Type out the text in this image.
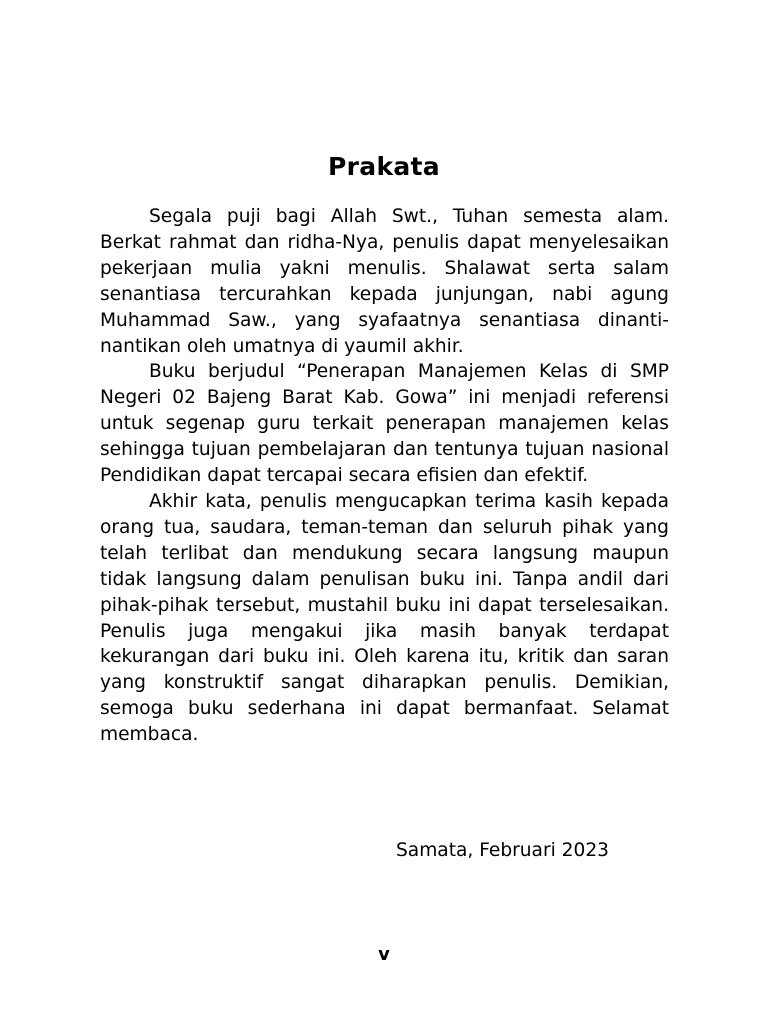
Prakata

Segala puji bagi Allah Swt., Tuhan semesta alam. Berkat rahmat dan ridha-Nya, penulis dapat menyelesaikan pekerjaan mulia yakni menulis. Shalawat serta salam senantiasa tercurahkan kepada junjungan, nabi agung Muhammad Saw., yang syafaatnya senantiasa dinanti-nantikan oleh umatnya di yaumil akhir.

Buku berjudul “Penerapan Manajemen Kelas di SMP Negeri 02 Bajeng Barat Kab. Gowa” ini menjadi referensi untuk segenap guru terkait penerapan manajemen kelas sehingga tujuan pembelajaran dan tentunya tujuan nasional Pendidikan dapat tercapai secara efisien dan efektif.

Akhir kata, penulis mengucapkan terima kasih kepada orang tua, saudara, teman-teman dan seluruh pihak yang telah terlibat dan mendukung secara langsung maupun tidak langsung dalam penulisan buku ini. Tanpa andil dari pihak-pihak tersebut, mustahil buku ini dapat terselesaikan. Penulis juga mengakui jika masih banyak terdapat kekurangan dari buku ini. Oleh karena itu, kritik dan saran yang konstruktif sangat diharapkan penulis. Demikian, semoga buku sederhana ini dapat bermanfaat. Selamat membaca.

Samata, Februari 2023
v
